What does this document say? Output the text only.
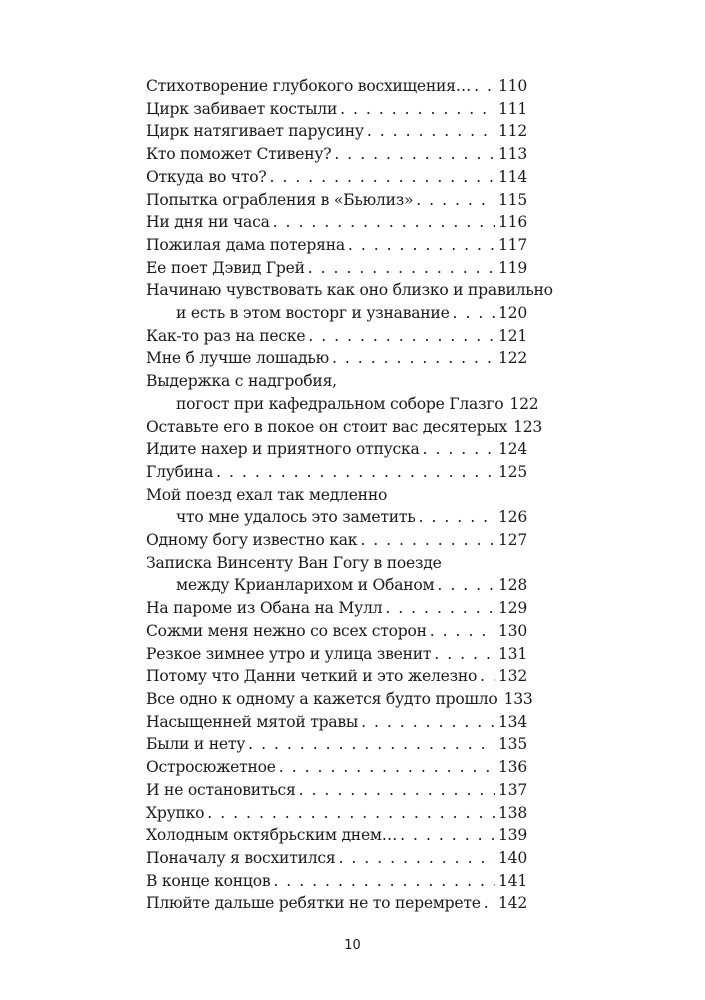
Стихотворение глубокого восхищения… . . . 110
Цирк забивает костыли . . .	111
Цирк натягивает парусину . . .	112
Кто поможет Стивену? . . .	113
Откуда во что? . . .	114
Попытка ограбления в «Бьюлиз» . . .	115
Ни дня ни часа . . .	116
Пожилая дама потеряна . . .	117
Ее поет Дэвид Грей . . .	119
Начинаю чувствовать как оно близко и правильно
и есть в этом восторг и узнавание . . .	120
Как-то раз на песке . . .	121
Мне б лучше лошадью . . .	122
Выдержка с надгробия,
погост при кафедральном соборе Глазго 122
Оставьте его в покое он стоит вас десятерых 123
Идите нахер и приятного отпуска . . .	124
Глубина . . .	125
Мой поезд ехал так медленно
что мне удалось это заметить . . .	126
Одному богу известно как . . .	127
Записка Винсенту Ван Гогу в поезде
между Крианларихом и Обаном . . .	128
На пароме из Обана на Мулл . . .	129
Сожми меня нежно со всех сторон . . .	130
Резкое зимнее утро и улица звенит . . .	131
Потому что Данни четкий и это железно . . . 132
Все одно к одному а кажется будто прошло 133
Насыщенней мятой травы . . .	134
Были и нету . . .	135
Остросюжетное . . .	136
И не остановиться . . .	137
Хрупко . . .	138
Холодным октябрьским днем… . . .	139
Поначалу я восхитился . . .	140
В конце концов . . .	141
Плюйте дальше ребятки не то перемрете . . . 142
10
